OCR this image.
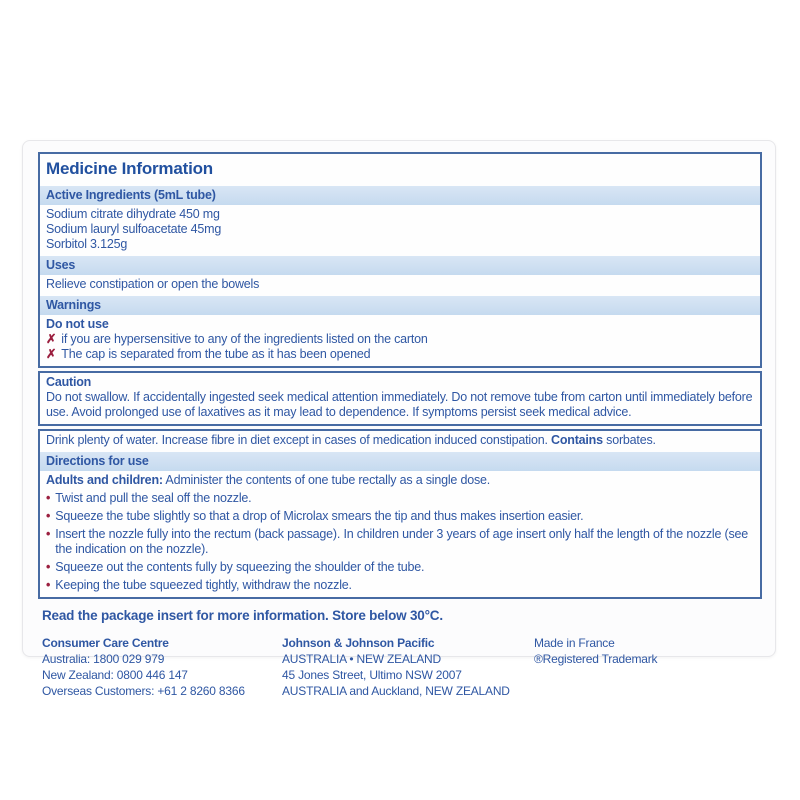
Medicine Information
Active Ingredients (5mL tube)
Sodium citrate dihydrate 450 mg
Sodium lauryl sulfoacetate 45mg
Sorbitol 3.125g
Uses
Relieve constipation or open the bowels
Warnings
Do not use
✗ if you are hypersensitive to any of the ingredients listed on the carton
✗ The cap is separated from the tube as it has been opened
Caution
Do not swallow. If accidentally ingested seek medical attention immediately. Do not remove tube from carton until immediately before use. Avoid prolonged use of laxatives as it may lead to dependence. If symptoms persist seek medical advice.
Drink plenty of water. Increase fibre in diet except in cases of medication induced constipation. Contains sorbates.
Directions for use
Adults and children: Administer the contents of one tube rectally as a single dose.
• Twist and pull the seal off the nozzle.
• Squeeze the tube slightly so that a drop of Microlax smears the tip and thus makes insertion easier.
• Insert the nozzle fully into the rectum (back passage). In children under 3 years of age insert only half the length of the nozzle (see the indication on the nozzle).
• Squeeze out the contents fully by squeezing the shoulder of the tube.
• Keeping the tube squeezed tightly, withdraw the nozzle.
Read the package insert for more information. Store below 30°C.
Consumer Care Centre
Australia: 1800 029 979
New Zealand: 0800 446 147
Overseas Customers: +61 2 8260 8366
Johnson & Johnson Pacific
AUSTRALIA • NEW ZEALAND
45 Jones Street, Ultimo NSW 2007
AUSTRALIA and Auckland, NEW ZEALAND
Made in France
®Registered Trademark
